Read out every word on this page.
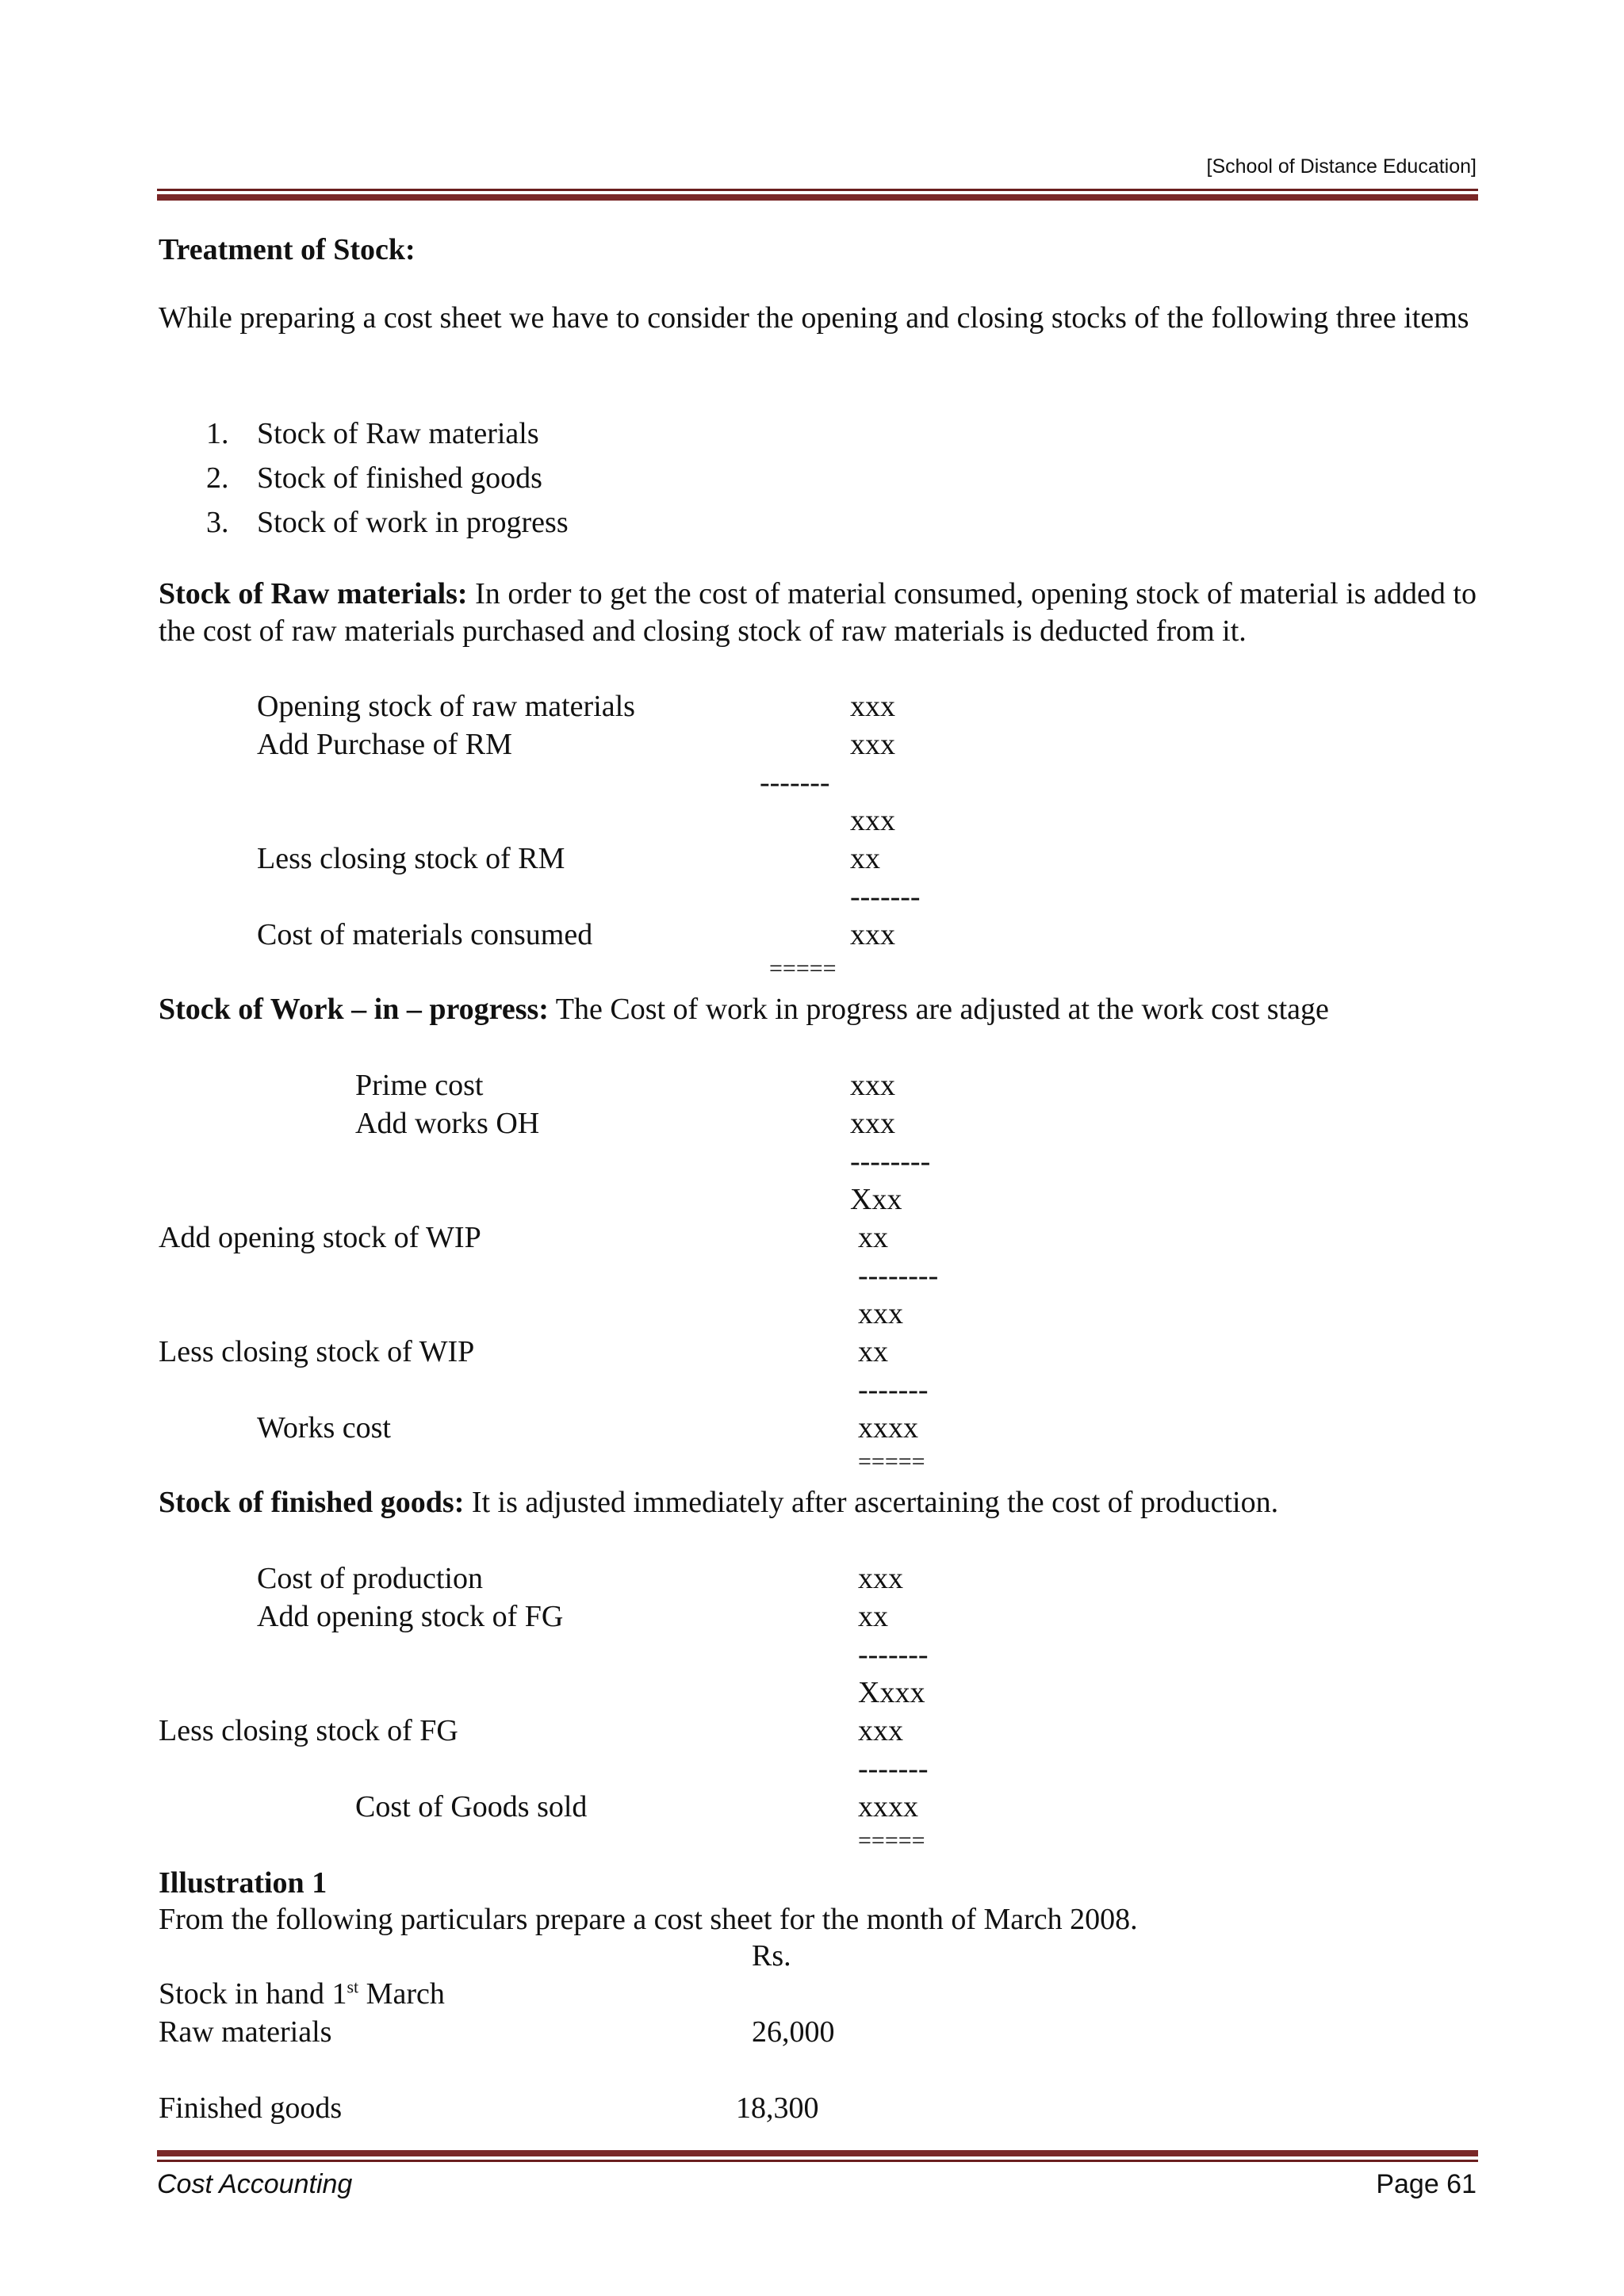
[School of Distance Education]
Treatment of Stock:
While preparing a cost sheet we have to consider the opening and closing stocks of the following three items
1. Stock of Raw materials
2. Stock of finished goods
3. Stock of work in progress
Stock of Raw materials: In order to get the cost of material consumed, opening stock of material is added to the cost of raw materials purchased and closing stock of raw materials is deducted from it.
Opening stock of raw materials	xxx
Add Purchase of RM	xxx
-------
xxx
Less closing stock of RM	xx
-------
Cost of materials consumed	xxx
=====
Stock of Work – in – progress: The Cost of work in progress are adjusted at the work cost stage
Prime cost	xxx
Add works OH	xxx
--------
Xxx
Add opening stock of WIP	xx
--------
xxx
Less closing stock of WIP	xx
-------
Works cost	xxxx
=====
Stock of finished goods: It is adjusted immediately after ascertaining the cost of production.
Cost of production	xxx
Add opening stock of FG	xx
-------
Xxxx
Less closing stock of FG	xxx
-------
Cost of Goods sold	xxxx
=====
Illustration 1
From the following particulars prepare a cost sheet for the month of March 2008.
Rs.
Stock in hand 1st March
Raw materials	26,000
Finished goods	18,300
Cost Accounting	Page 61
